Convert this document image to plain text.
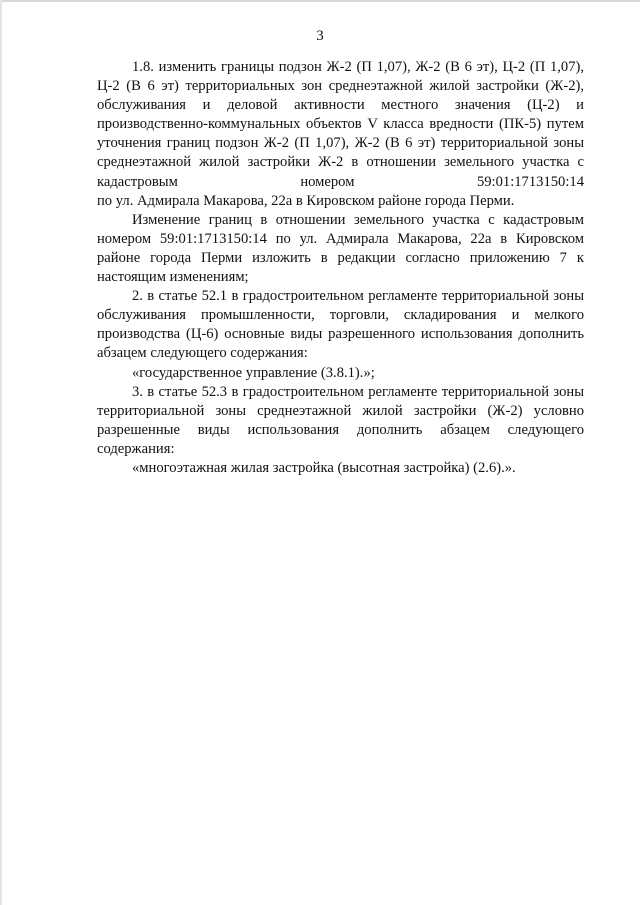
3

1.8. изменить границы подзон Ж-2 (П 1,07), Ж-2 (В 6 эт), Ц-2 (П 1,07), Ц-2 (В 6 эт) территориальных зон среднеэтажной жилой застройки (Ж-2), обслуживания и деловой активности местного значения (Ц-2) и производственно-коммунальных объектов V класса вредности (ПК-5) путем уточнения границ подзон Ж-2 (П 1,07), Ж-2 (В 6 эт) территориальной зоны среднеэтажной жилой застройки Ж-2 в отношении земельного участка с кадастровым номером 59:01:1713150:14

по ул. Адмирала Макарова, 22а в Кировском районе города Перми.

Изменение границ в отношении земельного участка с кадастровым номером 59:01:1713150:14 по ул. Адмирала Макарова, 22а в Кировском районе города Перми изложить в редакции согласно приложению 7 к настоящим изменениям;

2. в статье 52.1 в градостроительном регламенте территориальной зоны обслуживания промышленности, торговли, складирования и мелкого производства (Ц-6) основные виды разрешенного использования дополнить абзацем следующего содержания:

«государственное управление (3.8.1).»;

3. в статье 52.3 в градостроительном регламенте территориальной зоны территориальной зоны среднеэтажной жилой застройки (Ж-2) условно разрешенные виды использования дополнить абзацем следующего содержания:

«многоэтажная жилая застройка (высотная застройка) (2.6).».
